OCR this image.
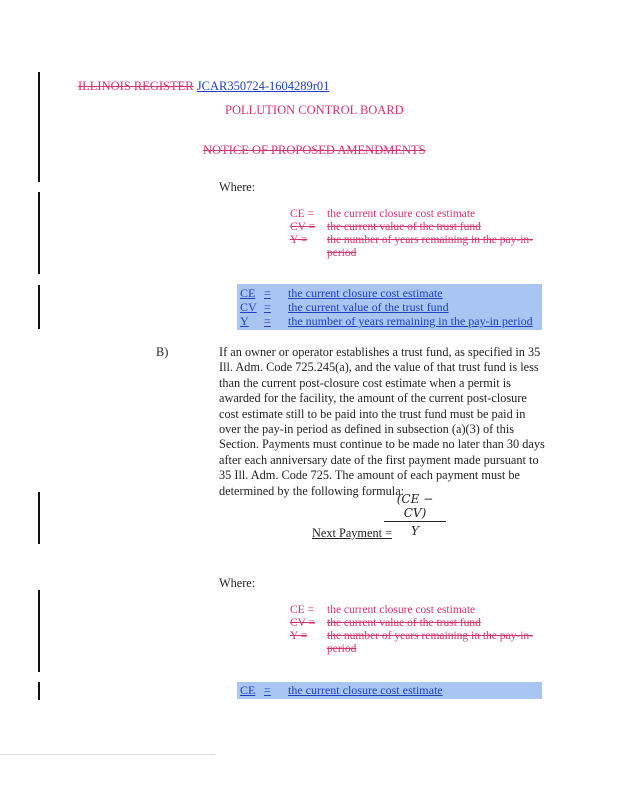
ILLINOIS REGISTER JCAR350724-1604289r01
POLLUTION CONTROL BOARD
NOTICE OF PROPOSED AMENDMENTS
Where:
CE =	the current closure cost estimate
CV =	the current value of the trust fund
Y =	the number of years remaining in the pay-in-period
CE =	the current closure cost estimate
CV =	the current value of the trust fund
Y	=	the number of years remaining in the pay-in period
B)	If an owner or operator establishes a trust fund, as specified in 35 Ill. Adm. Code 725.245(a), and the value of that trust fund is less than the current post-closure cost estimate when a permit is awarded for the facility, the amount of the current post-closure cost estimate still to be paid into the trust fund must be paid in over the pay-in period as defined in subsection (a)(3) of this Section. Payments must continue to be made no later than 30 days after each anniversary date of the first payment made pursuant to 35 Ill. Adm. Code 725. The amount of each payment must be determined by the following formula:
(CE − CV)
Y
Next Payment =
Where:
CE =	the current closure cost estimate
CV =	the current value of the trust fund
Y =	the number of years remaining in the pay-in-period
CE =	the current closure cost estimate
